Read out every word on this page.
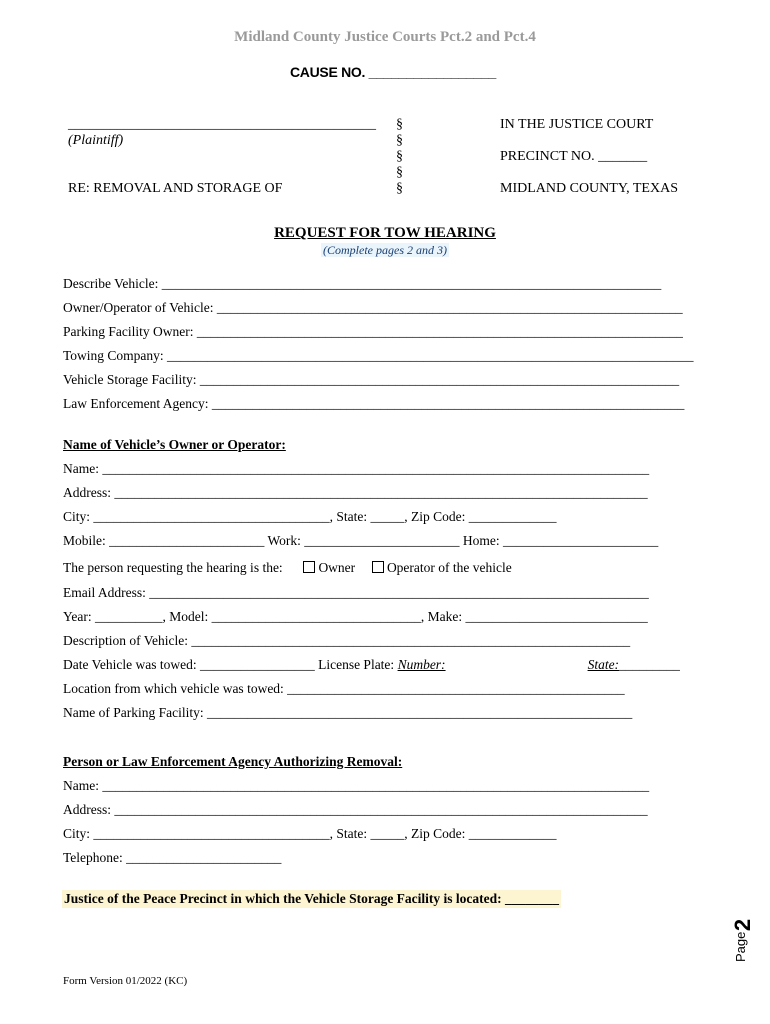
Midland County Justice Courts Pct.2 and Pct.4
CAUSE NO. _________________
____________________________________________
(Plaintiff)
RE: REMOVAL AND STORAGE OF
§
§
§
§
§
IN THE JUSTICE COURT
PRECINCT NO. _______
MIDLAND COUNTY, TEXAS
REQUEST FOR TOW HEARING
(Complete pages 2 and 3)
Describe Vehicle: __________________________________________________________________________
Owner/Operator of Vehicle: _____________________________________________________________________
Parking Facility Owner: ________________________________________________________________________
Towing Company: ______________________________________________________________________________
Vehicle Storage Facility: _______________________________________________________________________
Law Enforcement Agency: ______________________________________________________________________
Name of Vehicle’s Owner or Operator:
Name: _________________________________________________________________________________
Address: _______________________________________________________________________________
City: ___________________________________, State: _____, Zip Code: _____________
Mobile: _______________________ Work: _______________________ Home: _______________________
The person requesting the hearing is the:	Owner Operator of the vehicle
Email Address: __________________________________________________________________________
Year: __________, Model: _______________________________, Make: ___________________________
Description of Vehicle: _________________________________________________________________
Date Vehicle was towed: _________________ License Plate: Number:	State:_________
Location from which vehicle was towed: __________________________________________________
Name of Parking Facility: _______________________________________________________________
Person or Law Enforcement Agency Authorizing Removal:
Name: _________________________________________________________________________________
Address: _______________________________________________________________________________
City: ___________________________________, State: _____, Zip Code: _____________
Telephone: _______________________
Justice of the Peace Precinct in which the Vehicle Storage Facility is located: ________
2
Page
Form Version 01/2022 (KC)
